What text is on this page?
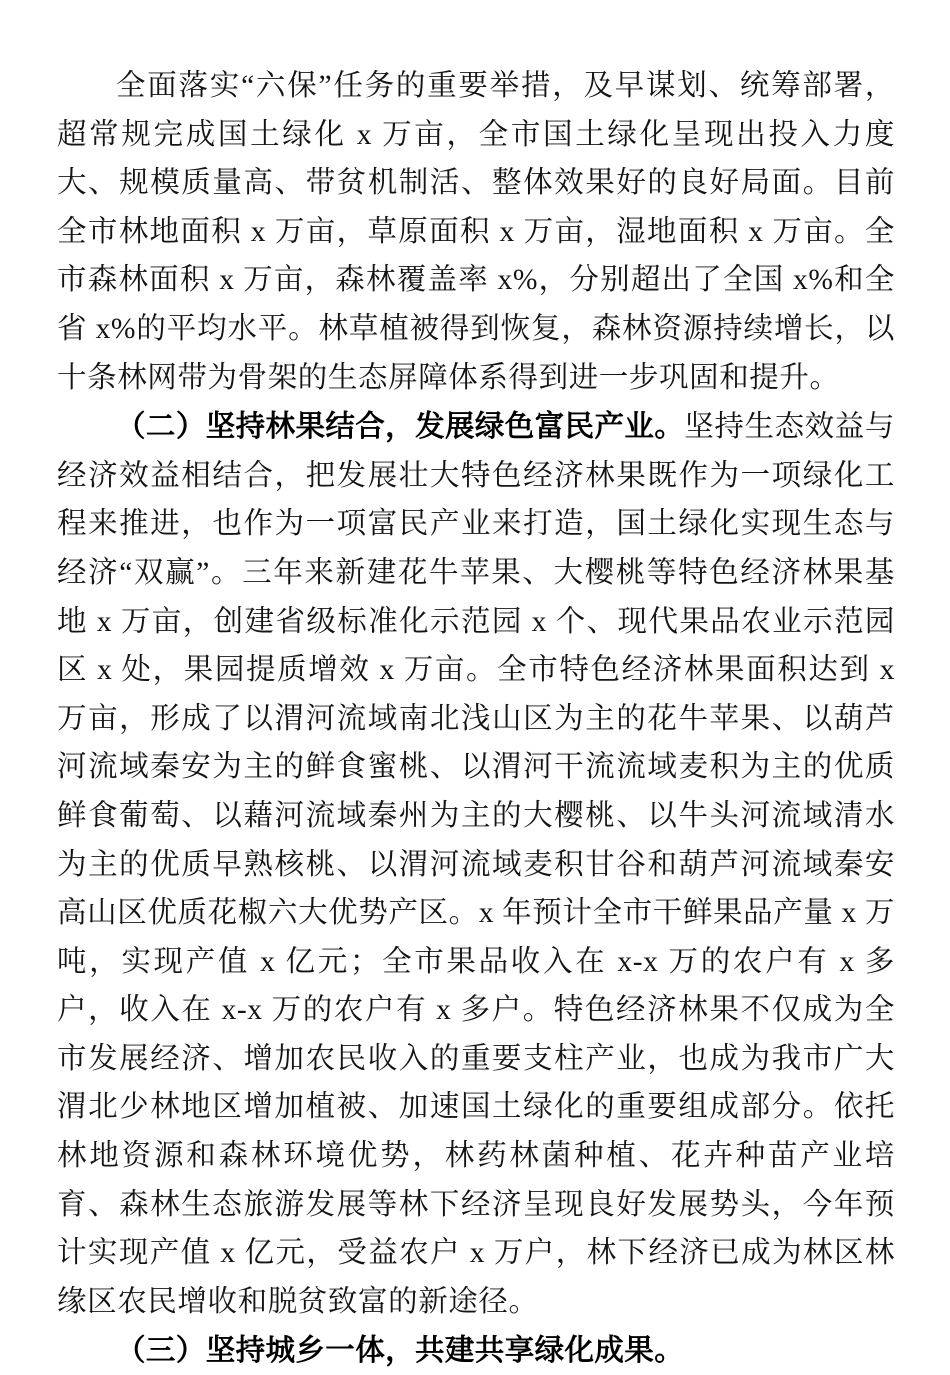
全面落实“六保”任务的重要举措，及早谋划、统筹部署，超常规完成国土绿化 x 万亩，全市国土绿化呈现出投入力度大、规模质量高、带贫机制活、整体效果好的良好局面。目前全市林地面积 x 万亩，草原面积 x 万亩，湿地面积 x 万亩。全市森林面积 x 万亩，森林覆盖率 x%，分别超出了全国 x%和全省 x%的平均水平。林草植被得到恢复，森林资源持续增长，以十条林网带为骨架的生态屏障体系得到进一步巩固和提升。

（二）坚持林果结合，发展绿色富民产业。坚持生态效益与经济效益相结合，把发展壮大特色经济林果既作为一项绿化工程来推进，也作为一项富民产业来打造，国土绿化实现生态与经济“双赢”。三年来新建花牛苹果、大樱桃等特色经济林果基地 x 万亩，创建省级标准化示范园 x 个、现代果品农业示范园区 x 处，果园提质增效 x 万亩。全市特色经济林果面积达到 x 万亩，形成了以渭河流域南北浅山区为主的花牛苹果、以葫芦河流域秦安为主的鲜食蜜桃、以渭河干流流域麦积为主的优质鲜食葡萄、以藉河流域秦州为主的大樱桃、以牛头河流域清水为主的优质早熟核桃、以渭河流域麦积甘谷和葫芦河流域秦安高山区优质花椒六大优势产区。x 年预计全市干鲜果品产量 x 万吨，实现产值 x 亿元；全市果品收入在 x-x 万的农户有 x 多户，收入在 x-x 万的农户有 x 多户。特色经济林果不仅成为全市发展经济、增加农民收入的重要支柱产业，也成为我市广大渭北少林地区增加植被、加速国土绿化的重要组成部分。依托林地资源和森林环境优势，林药林菌种植、花卉种苗产业培育、森林生态旅游发展等林下经济呈现良好发展势头，今年预计实现产值 x 亿元，受益农户 x 万户，林下经济已成为林区林缘区农民增收和脱贫致富的新途径。

（三）坚持城乡一体，共建共享绿化成果。
